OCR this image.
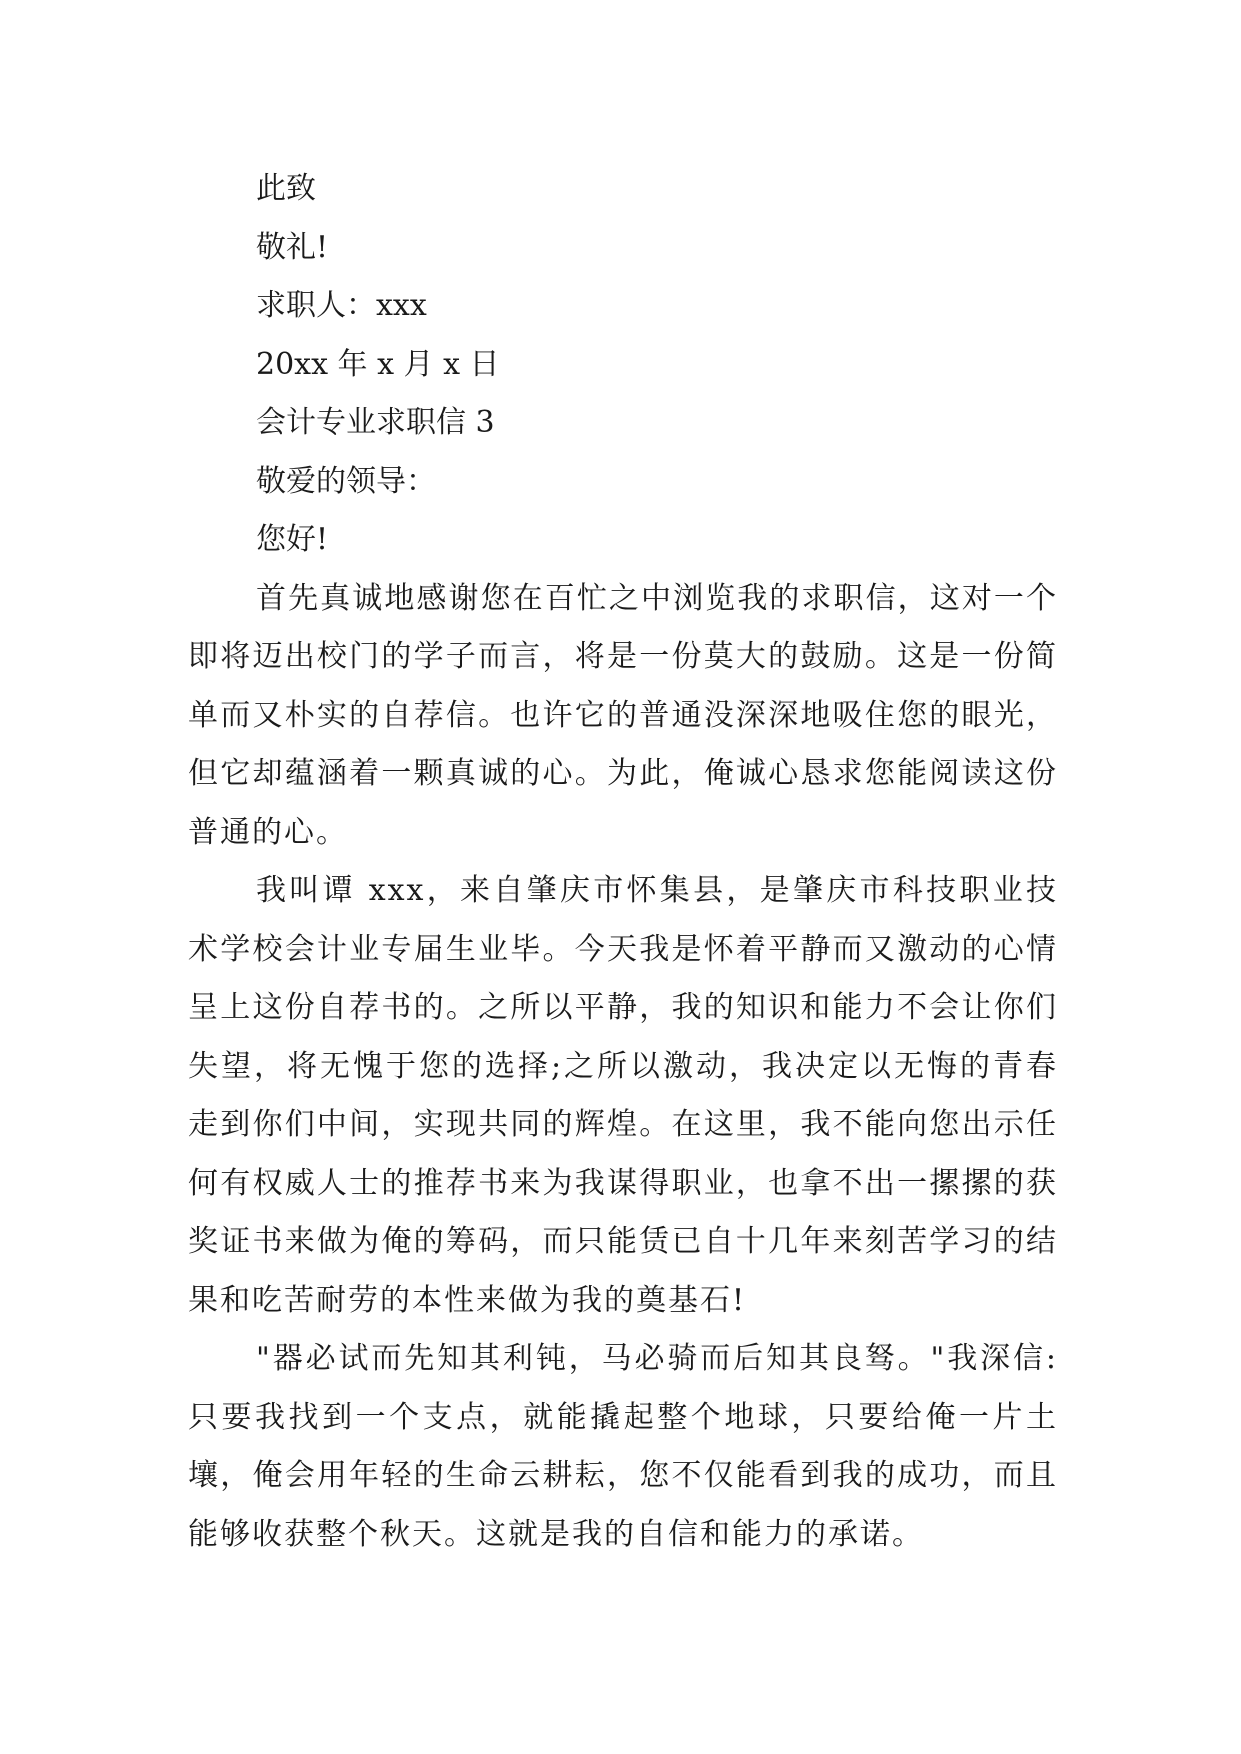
此致

敬礼!

求职人：xxx

20xx 年 x 月 x 日

会计专业求职信 3

敬爱的领导：

您好!

首先真诚地感谢您在百忙之中浏览我的求职信，这对一个即将迈出校门的学子而言，将是一份莫大的鼓励。这是一份简单而又朴实的自荐信。也许它的普通没深深地吸住您的眼光，但它却蕴涵着一颗真诚的心。为此，俺诚心恳求您能阅读这份普通的心。

我叫谭 xxx，来自肇庆市怀集县，是肇庆市科技职业技术学校会计业专届生业毕。今天我是怀着平静而又激动的心情呈上这份自荐书的。之所以平静，我的知识和能力不会让你们失望，将无愧于您的选择;之所以激动，我决定以无悔的青春走到你们中间，实现共同的辉煌。在这里，我不能向您出示任何有权威人士的推荐书来为我谋得职业，也拿不出一摞摞的获奖证书来做为俺的筹码，而只能赁已自十几年来刻苦学习的结果和吃苦耐劳的本性来做为我的奠基石!

"器必试而先知其利钝，马必骑而后知其良驽。"我深信:只要我找到一个支点，就能撬起整个地球，只要给俺一片土壤，俺会用年轻的生命云耕耘，您不仅能看到我的成功，而且能够收获整个秋天。这就是我的自信和能力的承诺。
